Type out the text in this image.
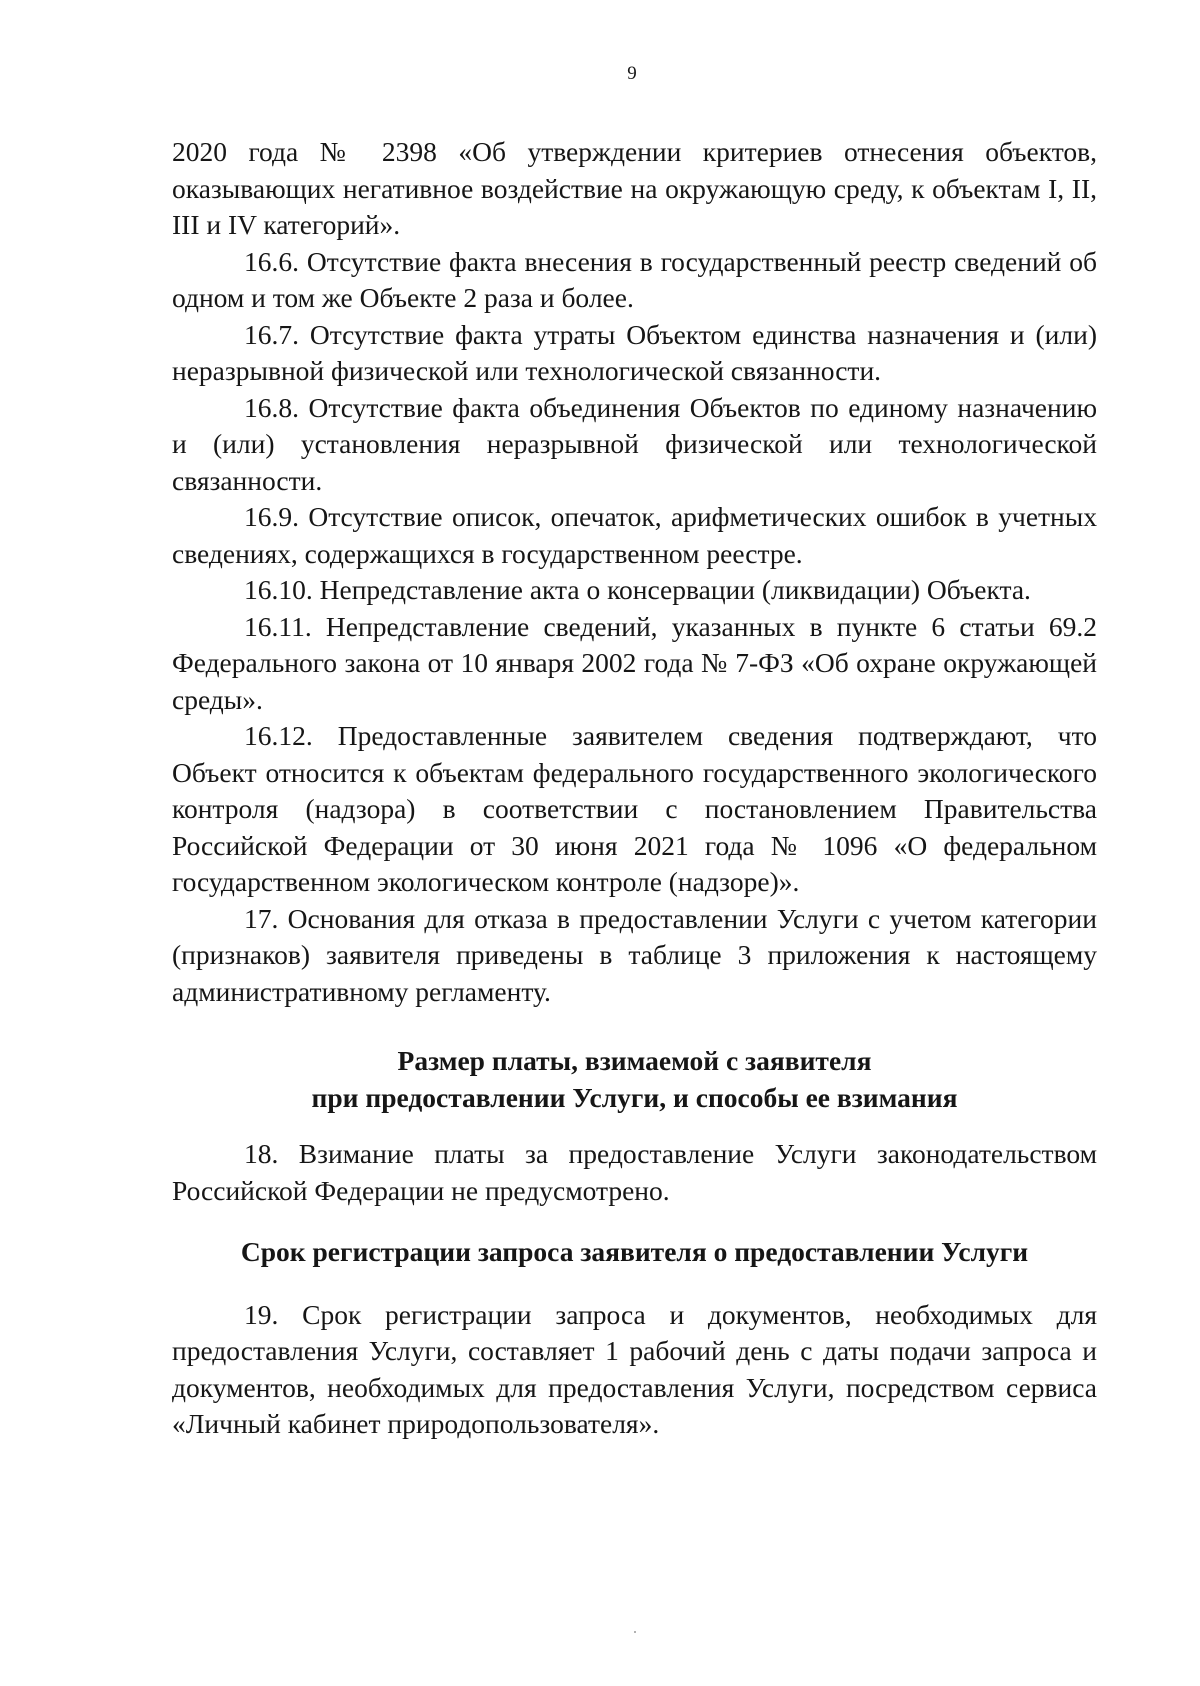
9

2020 года № 2398 «Об утверждении критериев отнесения объектов, оказывающих негативное воздействие на окружающую среду, к объектам I, II, III и IV категорий».

16.6. Отсутствие факта внесения в государственный реестр сведений об одном и том же Объекте 2 раза и более.

16.7. Отсутствие факта утраты Объектом единства назначения и (или) неразрывной физической или технологической связанности.

16.8. Отсутствие факта объединения Объектов по единому назначению и (или) установления неразрывной физической или технологической связанности.

16.9. Отсутствие описок, опечаток, арифметических ошибок в учетных сведениях, содержащихся в государственном реестре.

16.10. Непредставление акта о консервации (ликвидации) Объекта.

16.11. Непредставление сведений, указанных в пункте 6 статьи 69.2 Федерального закона от 10 января 2002 года № 7-ФЗ «Об охране окружающей среды».

16.12. Предоставленные заявителем сведения подтверждают, что Объект относится к объектам федерального государственного экологического контроля (надзора) в соответствии с постановлением Правительства Российской Федерации от 30 июня 2021 года № 1096 «О федеральном государственном экологическом контроле (надзоре)».

17. Основания для отказа в предоставлении Услуги с учетом категории (признаков) заявителя приведены в таблице 3 приложения к настоящему административному регламенту.

Размер платы, взимаемой с заявителя

при предоставлении Услуги, и способы ее взимания

18. Взимание платы за предоставление Услуги законодательством Российской Федерации не предусмотрено.

Срок регистрации запроса заявителя о предоставлении Услуги

19. Срок регистрации запроса и документов, необходимых для предоставления Услуги, составляет 1 рабочий день с даты подачи запроса и документов, необходимых для предоставления Услуги, посредством сервиса «Личный кабинет природопользователя».
